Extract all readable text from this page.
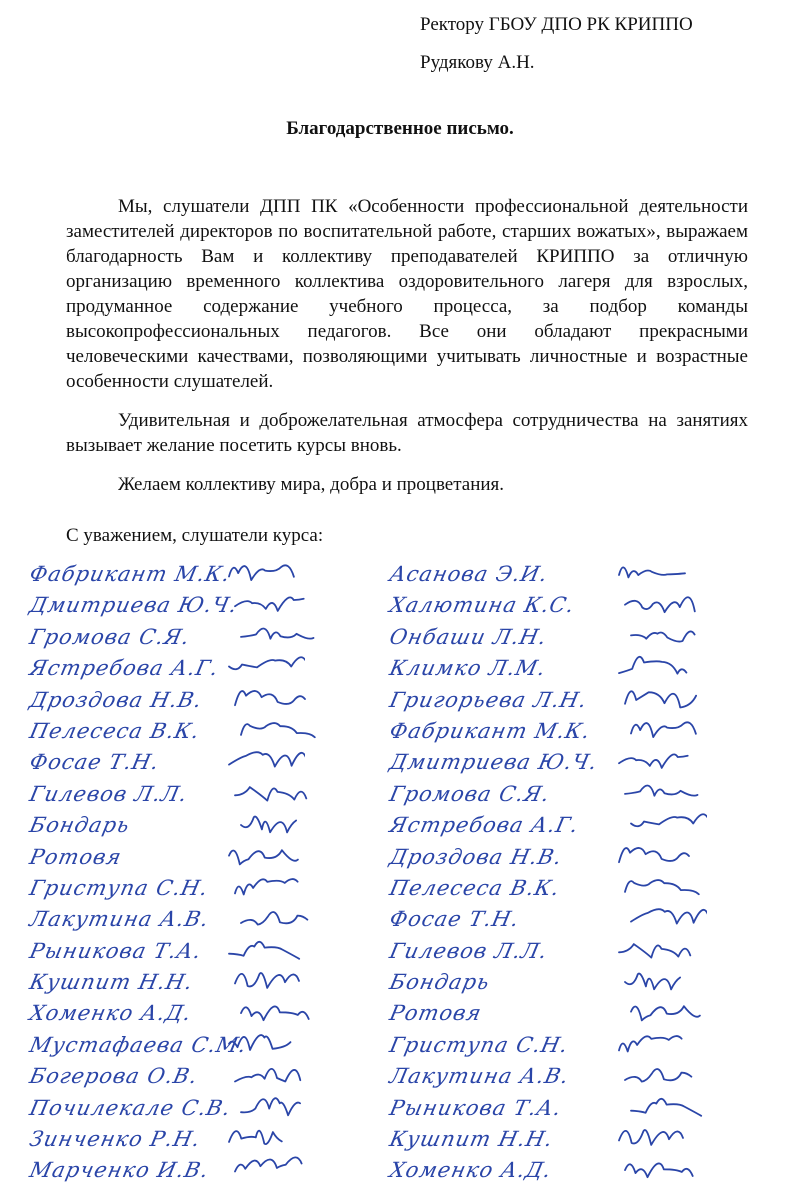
Ректору ГБОУ ДПО РК КРИППО
Рудякову А.Н.
Благодарственное письмо.

Мы, слушатели ДПП ПК «Особенности профессиональной деятельности заместителей директоров по воспитательной работе, старших вожатых», выражаем благодарность Вам и коллективу преподавателей КРИППО за отличную организацию временного коллектива оздоровительного лагеря для взрослых, продуманное содержание учебного процесса, за подбор команды высокопрофессиональных педагогов. Все они обладают прекрасными человеческими качествами, позволяющими учитывать личностные и возрастные особенности слушателей.

Удивительная и доброжелательная атмосфера сотрудничества на занятиях вызывает желание посетить курсы вновь.

Желаем коллективу мира, добра и процветания.

С уважением, слушатели курса:
Фабрикант М.К.
Дмитриева Ю.Ч.
Громова С.Я.
Ястребова А.Г.
Дроздова Н.В.
Пелесеса В.К.
Фосае Т.Н.
Гилевов Л.Л.
Бондарь
Ротовя
Гриступа С.Н.
Лакутина А.В.
Рыникова Т.А.
Кушпит Н.Н.
Хоменко А.Д.
Мустафаева С.М.
Богерова О.В.
Почилекале С.В.
Зинченко Р.Н.
Марченко И.В.
Асанова Э.И.
Халютина К.С.
Онбаши Л.Н.
Климко Л.М.
Григорьева Л.Н.
Фабрикант М.К.
Дмитриева Ю.Ч.
Громова С.Я.
Ястребова А.Г.
Дроздова Н.В.
Пелесеса В.К.
Фосае Т.Н.
Гилевов Л.Л.
Бондарь
Ротовя
Гриступа С.Н.
Лакутина А.В.
Рыникова Т.А.
Кушпит Н.Н.
Хоменко А.Д.
